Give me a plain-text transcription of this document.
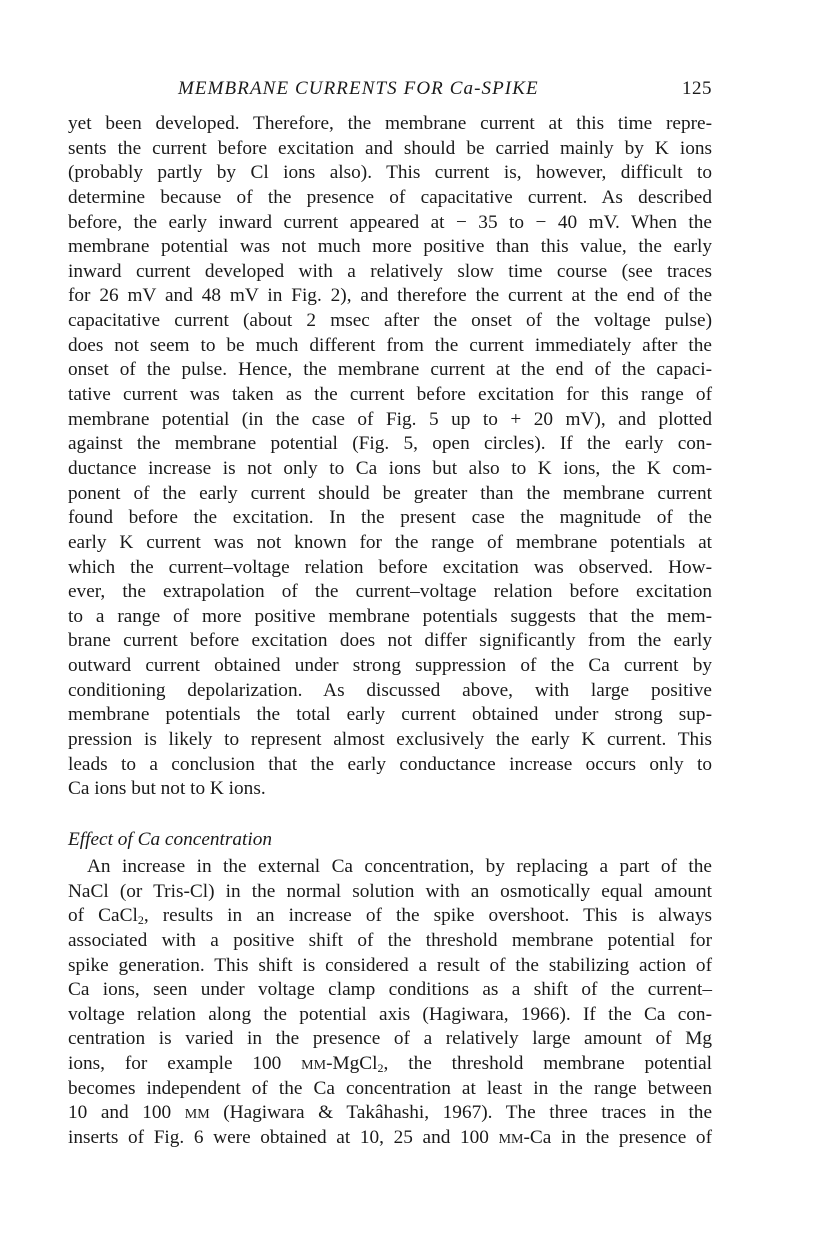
MEMBRANE CURRENTS FOR Ca-SPIKE	125
yet been developed. Therefore, the membrane current at this time repre-
sents the current before excitation and should be carried mainly by K ions
(probably partly by Cl ions also). This current is, however, difficult to
determine because of the presence of capacitative current. As described
before, the early inward current appeared at − 35 to − 40 mV. When the
membrane potential was not much more positive than this value, the early
inward current developed with a relatively slow time course (see traces
for 26 mV and 48 mV in Fig. 2), and therefore the current at the end of the
capacitative current (about 2 msec after the onset of the voltage pulse)
does not seem to be much different from the current immediately after the
onset of the pulse. Hence, the membrane current at the end of the capaci-
tative current was taken as the current before excitation for this range of
membrane potential (in the case of Fig. 5 up to + 20 mV), and plotted
against the membrane potential (Fig. 5, open circles). If the early con-
ductance increase is not only to Ca ions but also to K ions, the K com-
ponent of the early current should be greater than the membrane current
found before the excitation. In the present case the magnitude of the
early K current was not known for the range of membrane potentials at
which the current–voltage relation before excitation was observed. How-
ever, the extrapolation of the current–voltage relation before excitation
to a range of more positive membrane potentials suggests that the mem-
brane current before excitation does not differ significantly from the early
outward current obtained under strong suppression of the Ca current by
conditioning depolarization. As discussed above, with large positive
membrane potentials the total early current obtained under strong sup-
pression is likely to represent almost exclusively the early K current. This
leads to a conclusion that the early conductance increase occurs only to
Ca ions but not to K ions.
Effect of Ca concentration
An increase in the external Ca concentration, by replacing a part of the
NaCl (or Tris-Cl) in the normal solution with an osmotically equal amount
of CaCl$_2$, results in an increase of the spike overshoot. This is always
associated with a positive shift of the threshold membrane potential for
spike generation. This shift is considered a result of the stabilizing action of
Ca ions, seen under voltage clamp conditions as a shift of the current–
voltage relation along the potential axis (Hagiwara, 1966). If the Ca con-
centration is varied in the presence of a relatively large amount of Mg
ions, for example 100 mm-MgCl$_2$, the threshold membrane potential
becomes independent of the Ca concentration at least in the range between
10 and 100 mm (Hagiwara & Takâhashi, 1967). The three traces in the
inserts of Fig. 6 were obtained at 10, 25 and 100 mm-Ca in the presence of
